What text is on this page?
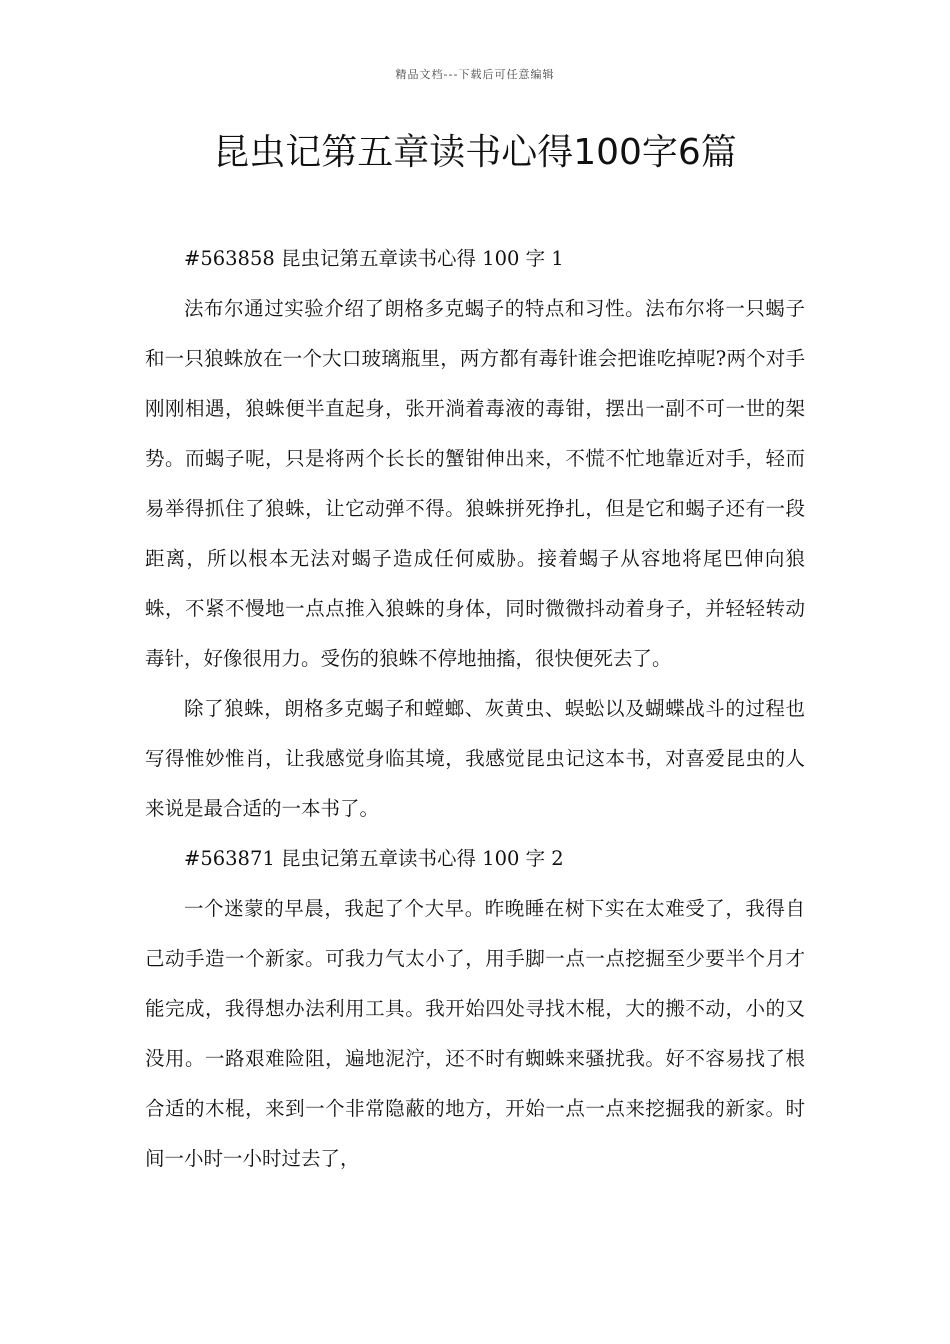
精品文档---下载后可任意编辑
昆虫记第五章读书心得100字6篇

#563858 昆虫记第五章读书心得 100 字 1

法布尔通过实验介绍了朗格多克蝎子的特点和习性。法布尔将一只蝎子和一只狼蛛放在一个大口玻璃瓶里，两方都有毒针谁会把谁吃掉呢?两个对手刚刚相遇，狼蛛便半直起身，张开淌着毒液的毒钳，摆出一副不可一世的架势。而蝎子呢，只是将两个长长的蟹钳伸出来，不慌不忙地靠近对手，轻而易举得抓住了狼蛛，让它动弹不得。狼蛛拼死挣扎，但是它和蝎子还有一段距离，所以根本无法对蝎子造成任何威胁。接着蝎子从容地将尾巴伸向狼蛛，不紧不慢地一点点推入狼蛛的身体，同时微微抖动着身子，并轻轻转动毒针，好像很用力。受伤的狼蛛不停地抽搐，很快便死去了。

除了狼蛛，朗格多克蝎子和螳螂、灰黄虫、蜈蚣以及蝴蝶战斗的过程也写得惟妙惟肖，让我感觉身临其境，我感觉昆虫记这本书，对喜爱昆虫的人来说是最合适的一本书了。

#563871 昆虫记第五章读书心得 100 字 2

一个迷蒙的早晨，我起了个大早。昨晚睡在树下实在太难受了，我得自己动手造一个新家。可我力气太小了，用手脚一点一点挖掘至少要半个月才能完成，我得想办法利用工具。我开始四处寻找木棍，大的搬不动，小的又没用。一路艰难险阻，遍地泥泞，还不时有蜘蛛来骚扰我。好不容易找了根合适的木棍，来到一个非常隐蔽的地方，开始一点一点来挖掘我的新家。时间一小时一小时过去了，
